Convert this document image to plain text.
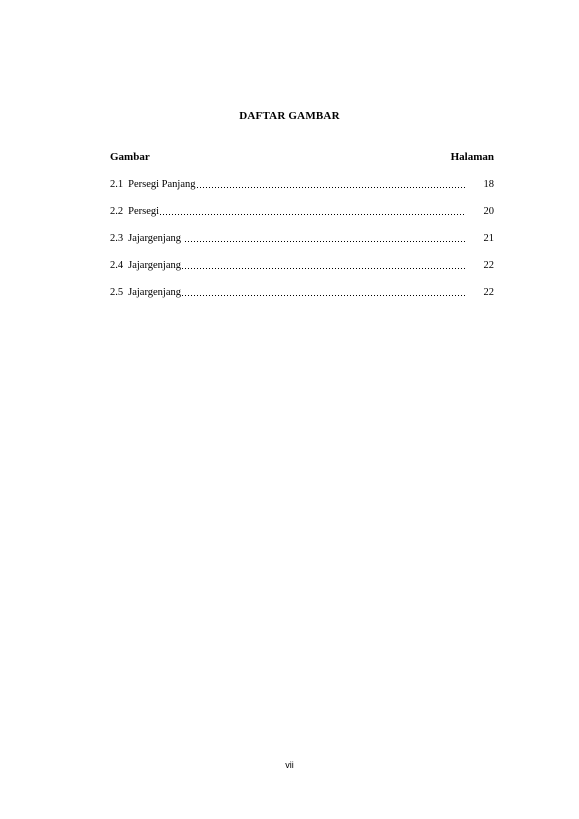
DAFTAR GAMBAR
Gambar	Halaman
2.1 Persegi Panjang	18
2.2 Persegi	20
2.3 Jajargenjang	21
2.4 Jajargenjang	22
2.5 Jajargenjang	22
vii
